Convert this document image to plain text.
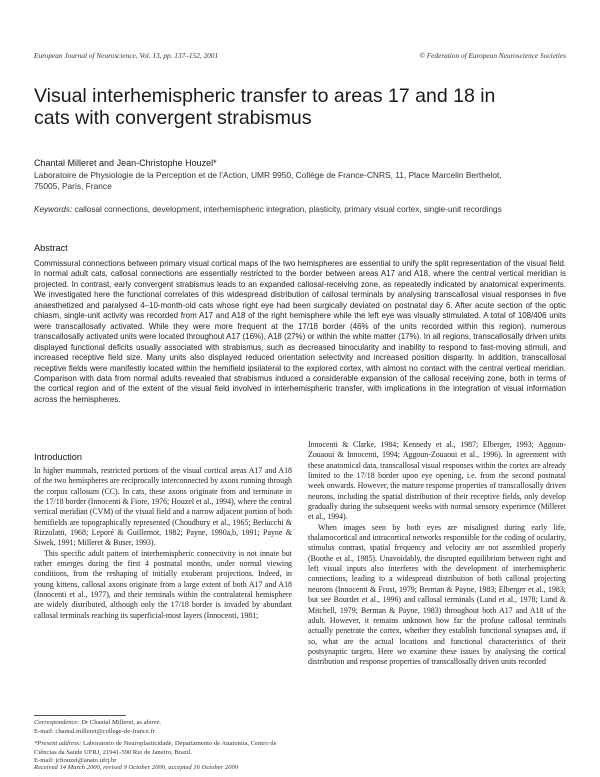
European Journal of Neuroscience, Vol. 13, pp. 137–152, 2001	© Federation of European Neuroscience Societies
Visual interhemispheric transfer to areas 17 and 18 in cats with convergent strabismus
Chantal Milleret and Jean-Christophe Houzel*
Laboratoire de Physiologie de la Perception et de l’Action, UMR 9950, Collège de France-CNRS, 11, Place Marcelin Berthelot, 75005, Paris, France
Keywords: callosal connections, development, interhemispheric integration, plasticity, primary visual cortex, single-unit recordings
Abstract
Commissural connections between primary visual cortical maps of the two hemispheres are essential to unify the split representation of the visual field. In normal adult cats, callosal connections are essentially restricted to the border between areas A17 and A18, where the central vertical meridian is projected. In contrast, early convergent strabismus leads to an expanded callosal-receiving zone, as repeatedly indicated by anatomical experiments. We investigated here the functional correlates of this widespread distribution of callosal terminals by analysing transcallosal visual responses in five anaesthetized and paralysed 4–10-month-old cats whose right eye had been surgically deviated on postnatal day 6. After acute section of the optic chiasm, single-unit activity was recorded from A17 and A18 of the right hemisphere while the left eye was visually stimulated. A total of 108/406 units were transcallosally activated. While they were more frequent at the 17/18 border (46% of the units recorded within this region), numerous transcallosally activated units were located throughout A17 (16%), A18 (27%) or within the white matter (17%). In all regions, transcallosally driven units displayed functional deficits usually associated with strabismus, such as decreased binocularity and inability to respond to fast-moving stimuli, and increased receptive field size. Many units also displayed reduced orientation selectivity and increased position disparity. In addition, transcallosal receptive fields were manifestly located within the hemifield ipsilateral to the explored cortex, with almost no contact with the central vertical meridian. Comparison with data from normal adults revealed that strabismus induced a considerable expansion of the callosal receiving zone, both in terms of the cortical region and of the extent of the visual field involved in interhemispheric transfer, with implications in the integration of visual information across the hemispheres.
Introduction

In higher mammals, restricted portions of the visual cortical areas A17 and A18 of the two hemispheres are reciprocally interconnected by axons running through the corpus callosum (CC). In cats, these axons originate from and terminate in the 17/18 border (Innocenti & Fiore, 1976; Houzel et al., 1994), where the central vertical meridian (CVM) of the visual field and a narrow adjacent portion of both hemifields are topographically represented (Choudhury et al., 1965; Berlucchi & Rizzolatti, 1968; Leporé & Guillemot, 1982; Payne, 1990a,b, 1991; Payne & Siwek, 1991; Milleret & Buser, 1993).

This specific adult pattern of interhemispheric connectivity is not innate but rather emerges during the first 4 postnatal months, under normal viewing conditions, from the reshaping of initially exuberant projections. Indeed, in young kittens, callosal axons originate from a large extent of both A17 and A18 (Innocenti et al., 1977), and their terminals within the contralateral hemisphere are widely distributed, although only the 17/18 border is invaded by abundant callosal terminals reaching its superficial-most layers (Innocenti, 1981;

Innocenti & Clarke, 1984; Kennedy et al., 1987; Elberger, 1993; Aggoun-Zouaoui & Innocenti, 1994; Aggoun-Zouaoui et al., 1996). In agreement with these anatomical data, transcallosal visual responses within the cortex are already limited to the 17/18 border upon eye opening, i.e. from the second postnatal week onwards. However, the mature response properties of transcallosally driven neurons, including the spatial distribution of their receptive fields, only develop gradually during the subsequent weeks with normal sensory experience (Milleret et al., 1994).

When images seen by both eyes are misaligned during early life, thalamocortical and intracortical networks responsible for the coding of ocularity, stimulus contrast, spatial frequency and velocity are not assembled properly (Boothe et al., 1985). Unavoidably, the disrupted equilibrium between right and left visual inputs also interferes with the development of interhemispheric connections, leading to a widespread distribution of both callosal projecting neurons (Innocenti & Frost, 1979; Berman & Payne, 1983; Elberger et al., 1983; but see Bourdet et al., 1996) and callosal terminals (Lund et al., 1978; Lund & Mitchell, 1979; Berman & Payne, 1983) throughout both A17 and A18 of the adult. However, it remains unknown how far the profuse callosal terminals actually penetrate the cortex, whether they establish functional synapses and, if so, what are the actual locations and functional characteristics of their postsynaptic targets. Here we examine these issues by analysing the cortical distribution and response properties of transcallosally driven units recorded

Correspondence: Dr Chantal Milleret, as above.
E-mail: chantal.milleret@college-de-france.fr
*Present address: Laboratorio de Neuroplasticidade, Departamento de Anatomia, Centro de Ciências da Saúde UFRJ, 21941-590 Rio de Janeiro, Brazil.
E-mail: jchouzel@anato.ufrj.br
Received 14 March 2000, revised 9 October 2000, accepted 16 October 2000
